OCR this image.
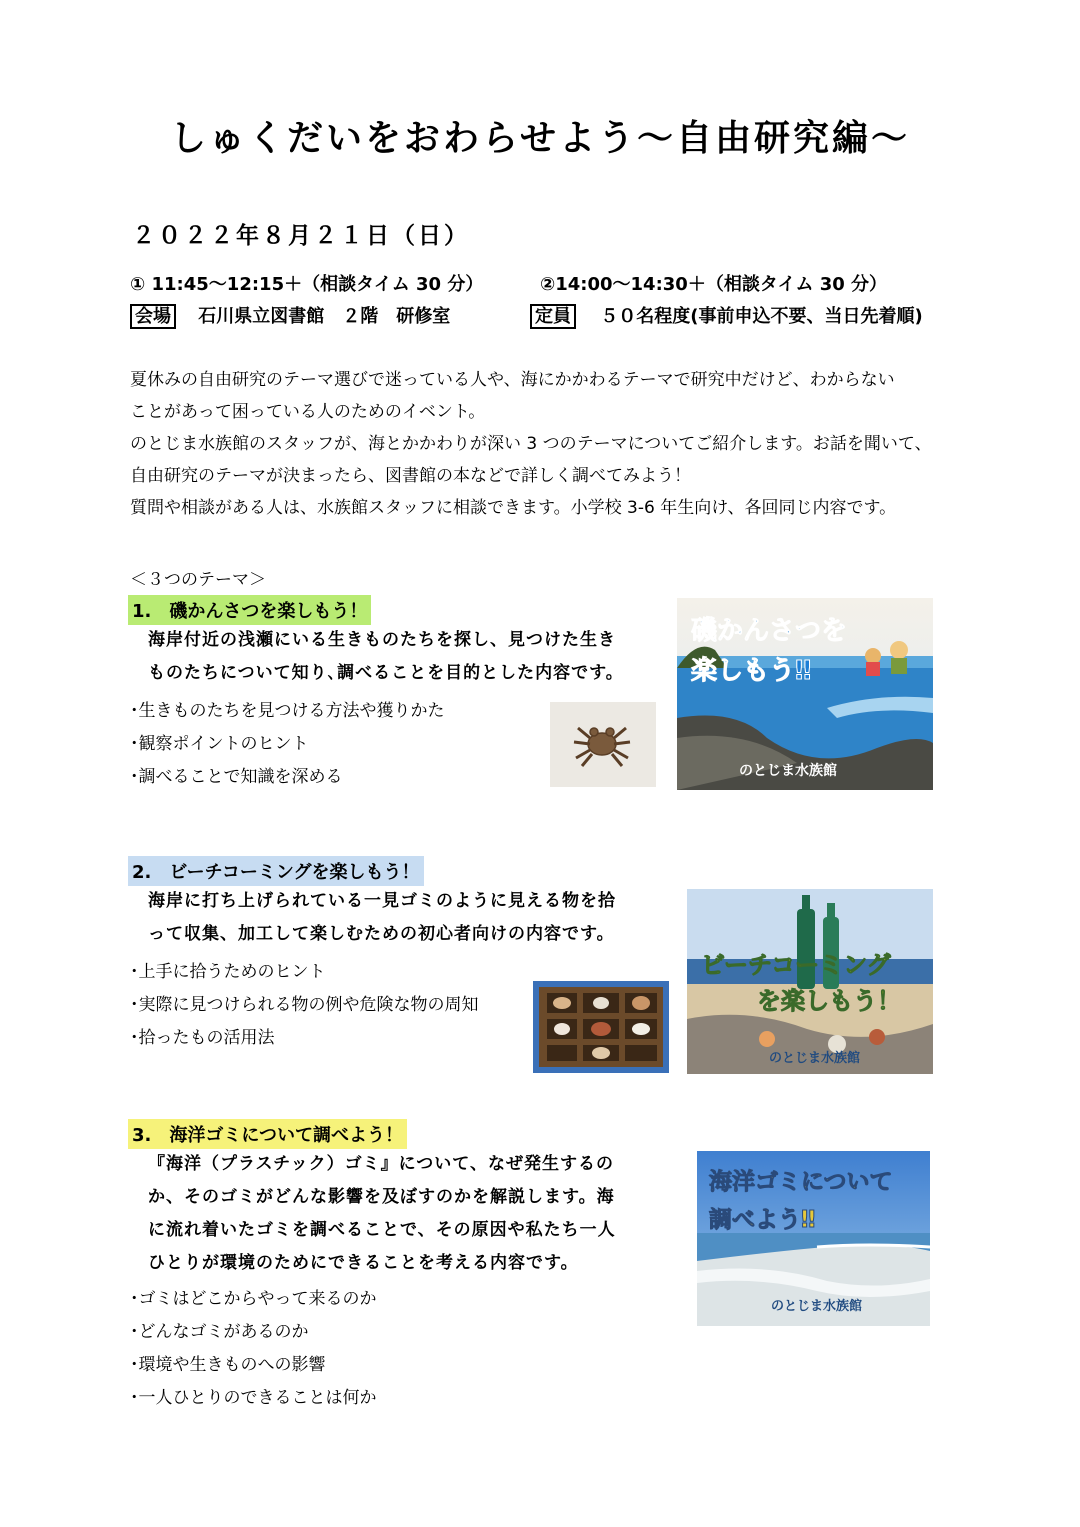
しゅくだいをおわらせよう～自由研究編～
２０２２年８月２１日（日）
① 11:45～12:15＋（相談タイム 30 分）	②14:00～14:30＋（相談タイム 30 分）
会場 石川県立図書館　２階　研修室	定員 ５０名程度(事前申込不要、当日先着順)
夏休みの自由研究のテーマ選びで迷っている人や、海にかかわるテーマで研究中だけど、わからない
ことがあって困っている人のためのイベント。
のとじま水族館のスタッフが、海とかかわりが深い 3 つのテーマについてご紹介します。お話を聞いて、
自由研究のテーマが決まったら、図書館の本などで詳しく調べてみよう！
質問や相談がある人は、水族館スタッフに相談できます。小学校 3-6 年生向け、各回同じ内容です。
＜３つのテーマ＞
1.　磯かんさつを楽しもう！
海岸付近の浅瀬にいる生きものたちを探し、見つけた生き
ものたちについて知り､調べることを目的とした内容です。
･生きものたちを見つける方法や獲りかた
･観察ポイントのヒント
･調べることで知識を深める
磯かんさつを
楽しもう‼
のとじま水族館
2.　ビーチコーミングを楽しもう！
海岸に打ち上げられている一見ゴミのように見える物を拾
って収集、加工して楽しむための初心者向けの内容です。
･上手に拾うためのヒント
･実際に見つけられる物の例や危険な物の周知
･拾ったもの活用法
ビーチコーミング
を楽しもう！
のとじま水族館
3.　海洋ゴミについて調べよう！
『海洋（プラスチック）ゴミ』について、なぜ発生するの
か、そのゴミがどんな影響を及ぼすのかを解説します。海
に流れ着いたゴミを調べることで、その原因や私たち一人
ひとりが環境のためにできることを考える内容です。
･ゴミはどこからやって来るのか
･どんなゴミがあるのか
･環境や生きものへの影響
･一人ひとりのできることは何か
海洋ゴミについて
調べよう‼
のとじま水族館
